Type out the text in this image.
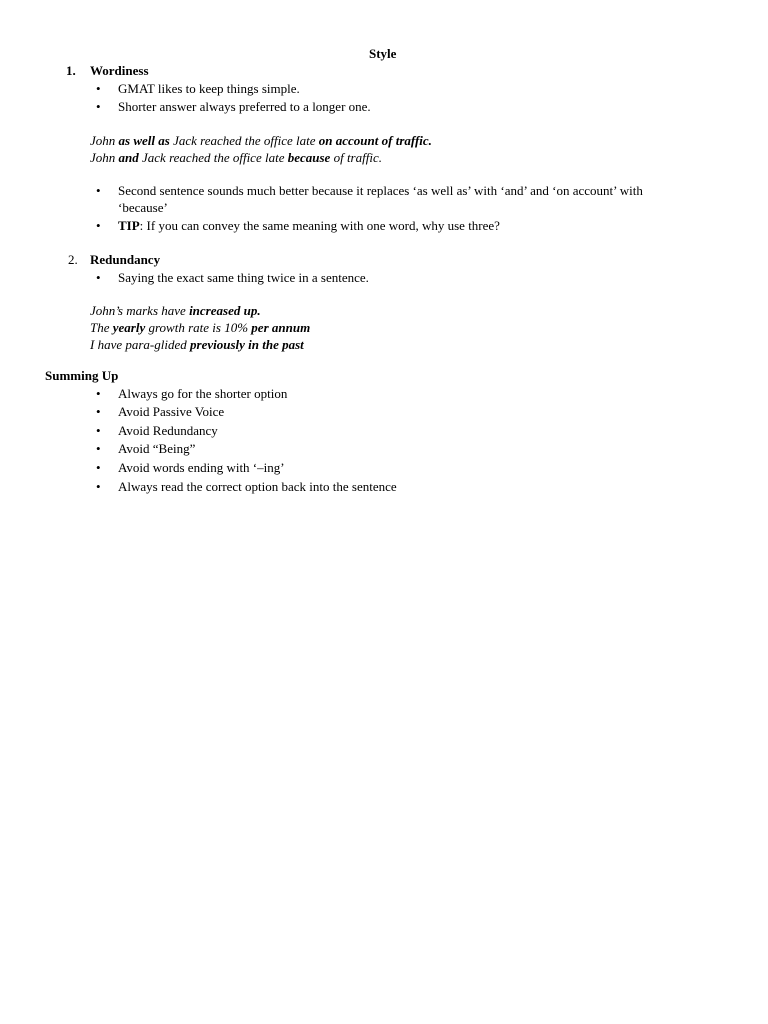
Style
1. Wordiness
• GMAT likes to keep things simple.
• Shorter answer always preferred to a longer one.
John as well as Jack reached the office late on account of traffic.
John and Jack reached the office late because of traffic.
• Second sentence sounds much better because it replaces ‘as well as’ with ‘and’ and ‘on account’ with
‘because’
• TIP: If you can convey the same meaning with one word, why use three?
2. Redundancy
• Saying the exact same thing twice in a sentence.
John’s marks have increased up.
The yearly growth rate is 10% per annum
I have para-glided previously in the past
Summing Up
• Always go for the shorter option
• Avoid Passive Voice
• Avoid Redundancy
• Avoid “Being”
• Avoid words ending with ‘–ing’
• Always read the correct option back into the sentence
